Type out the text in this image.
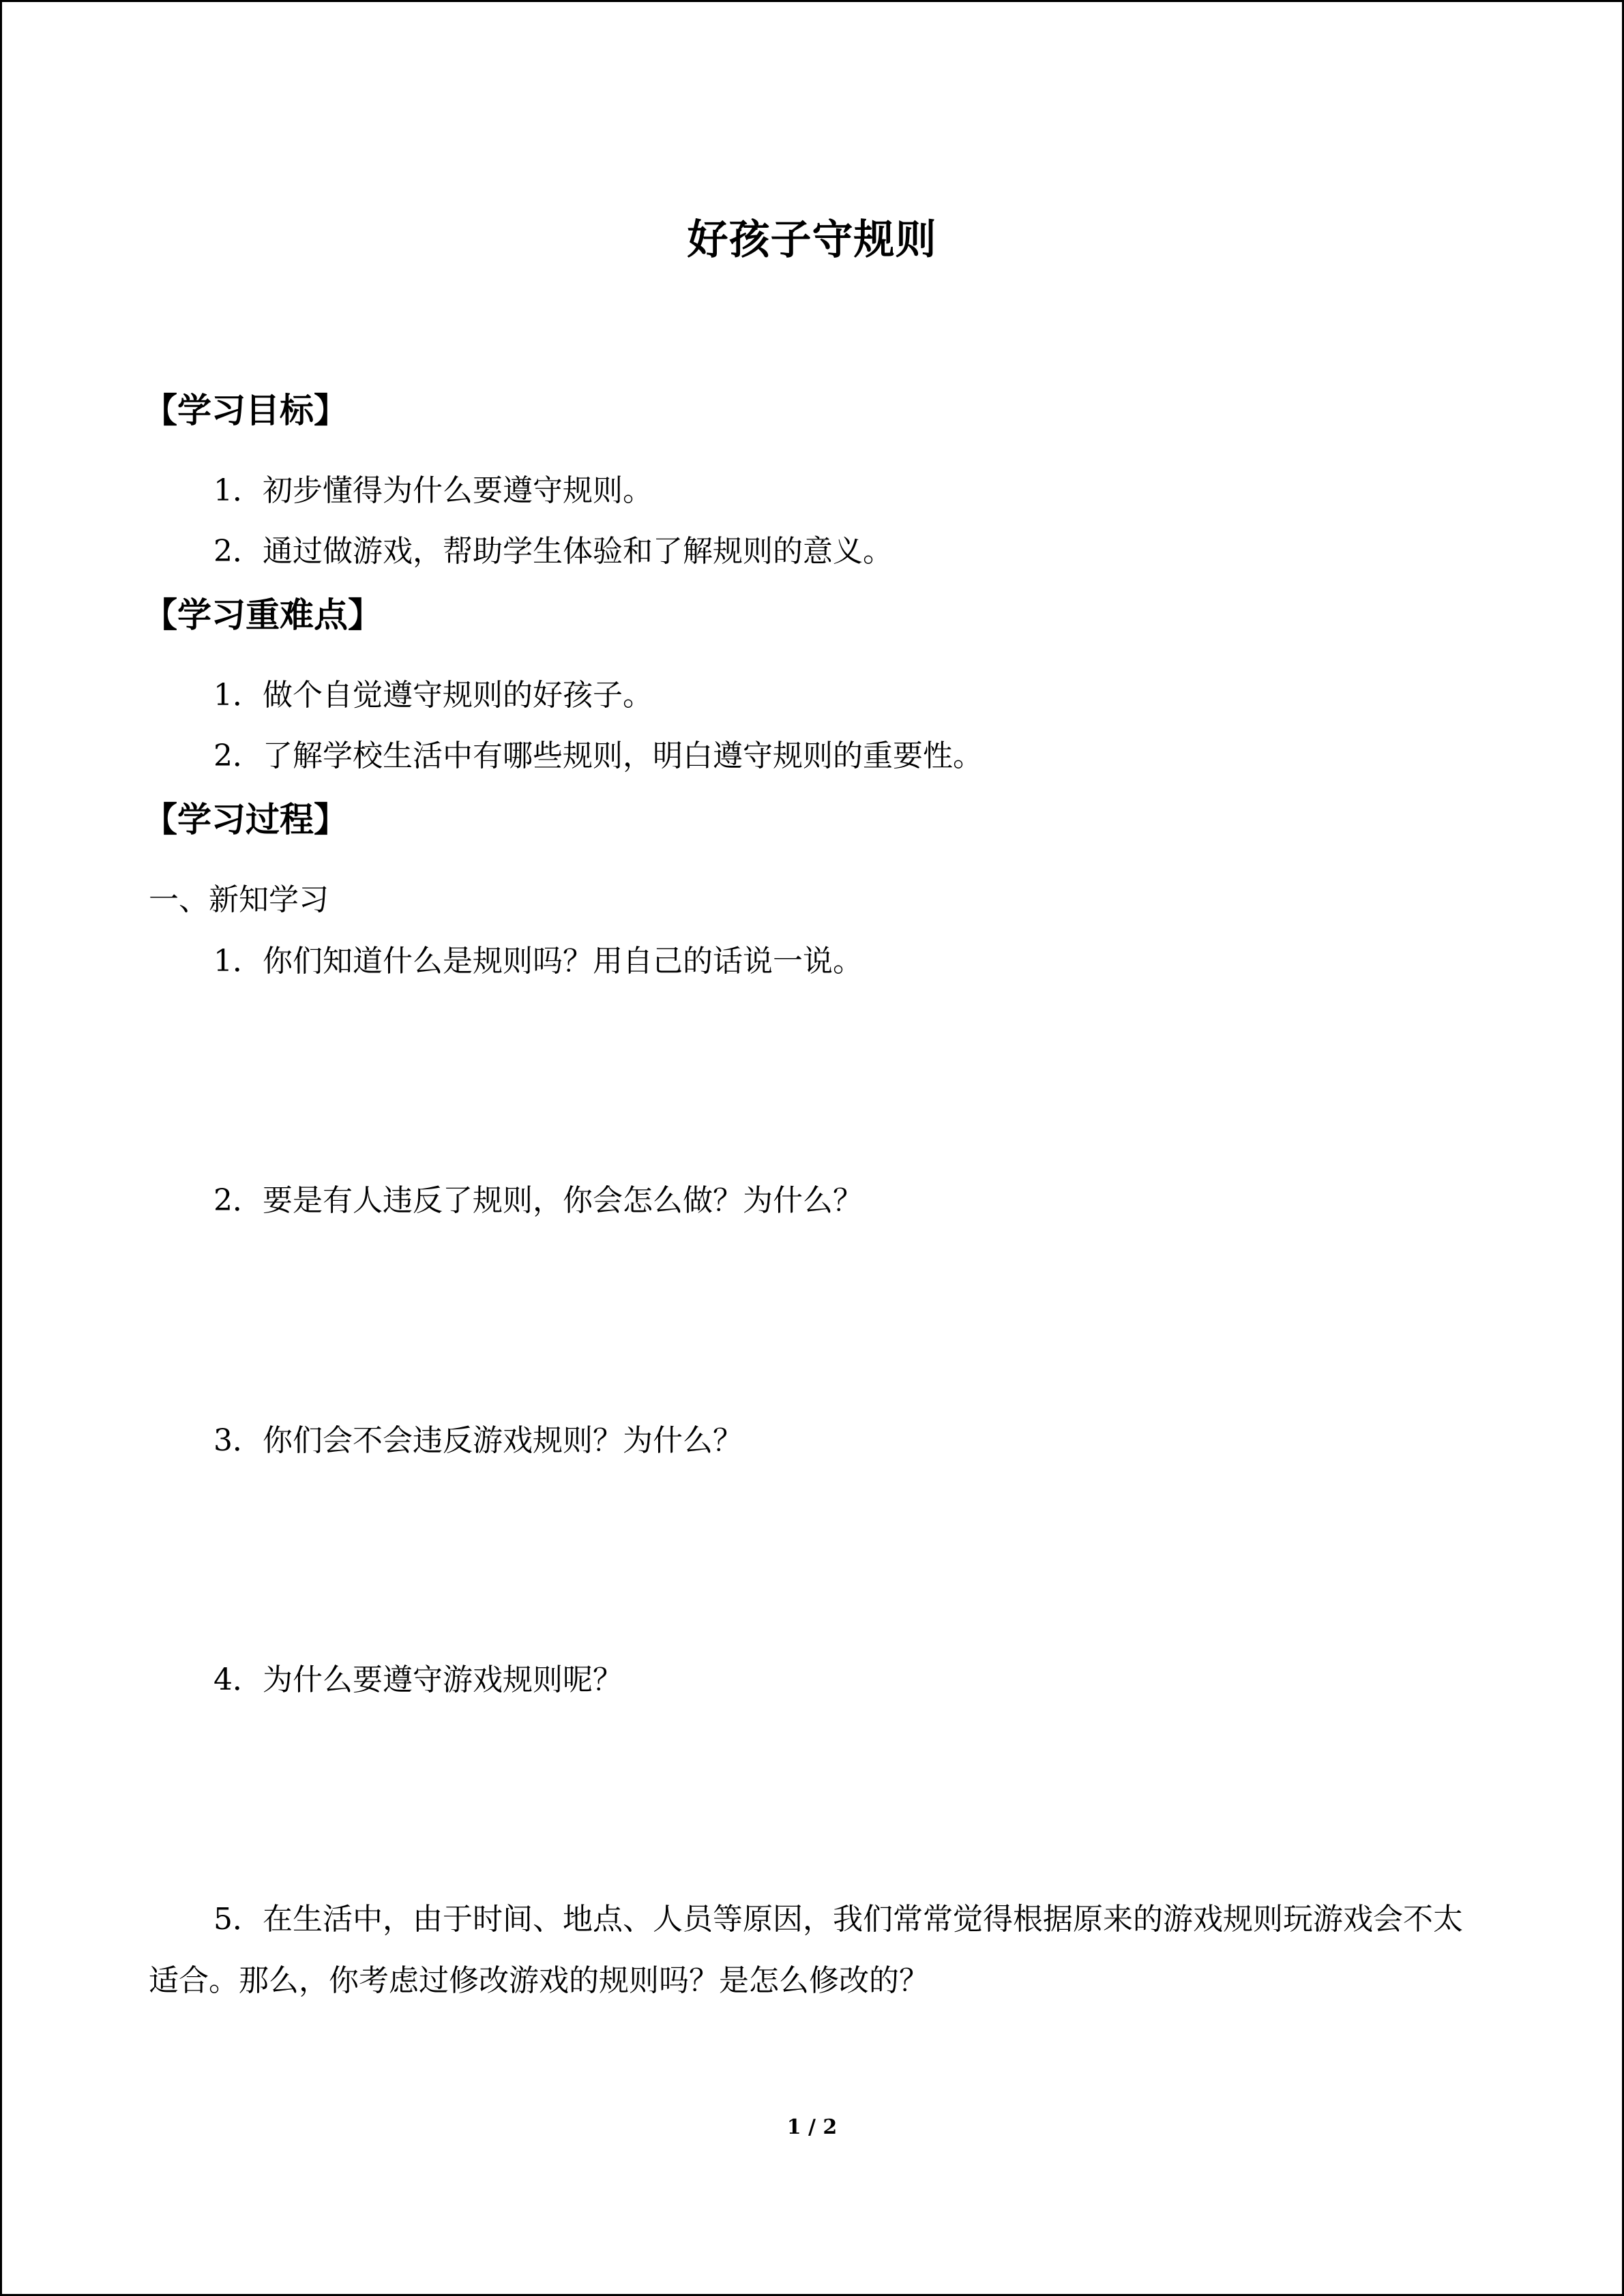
好孩子守规则
【学习目标】
1．初步懂得为什么要遵守规则。
2．通过做游戏，帮助学生体验和了解规则的意义。
【学习重难点】
1．做个自觉遵守规则的好孩子。
2．了解学校生活中有哪些规则，明白遵守规则的重要性。
【学习过程】
一、新知学习
1．你们知道什么是规则吗？用自己的话说一说。
2．要是有人违反了规则，你会怎么做？为什么？
3．你们会不会违反游戏规则？为什么？
4．为什么要遵守游戏规则呢？
5．在生活中，由于时间、地点、人员等原因，我们常常觉得根据原来的游戏规则玩游戏会不太适合。那么，你考虑过修改游戏的规则吗？是怎么修改的？
1 / 2
